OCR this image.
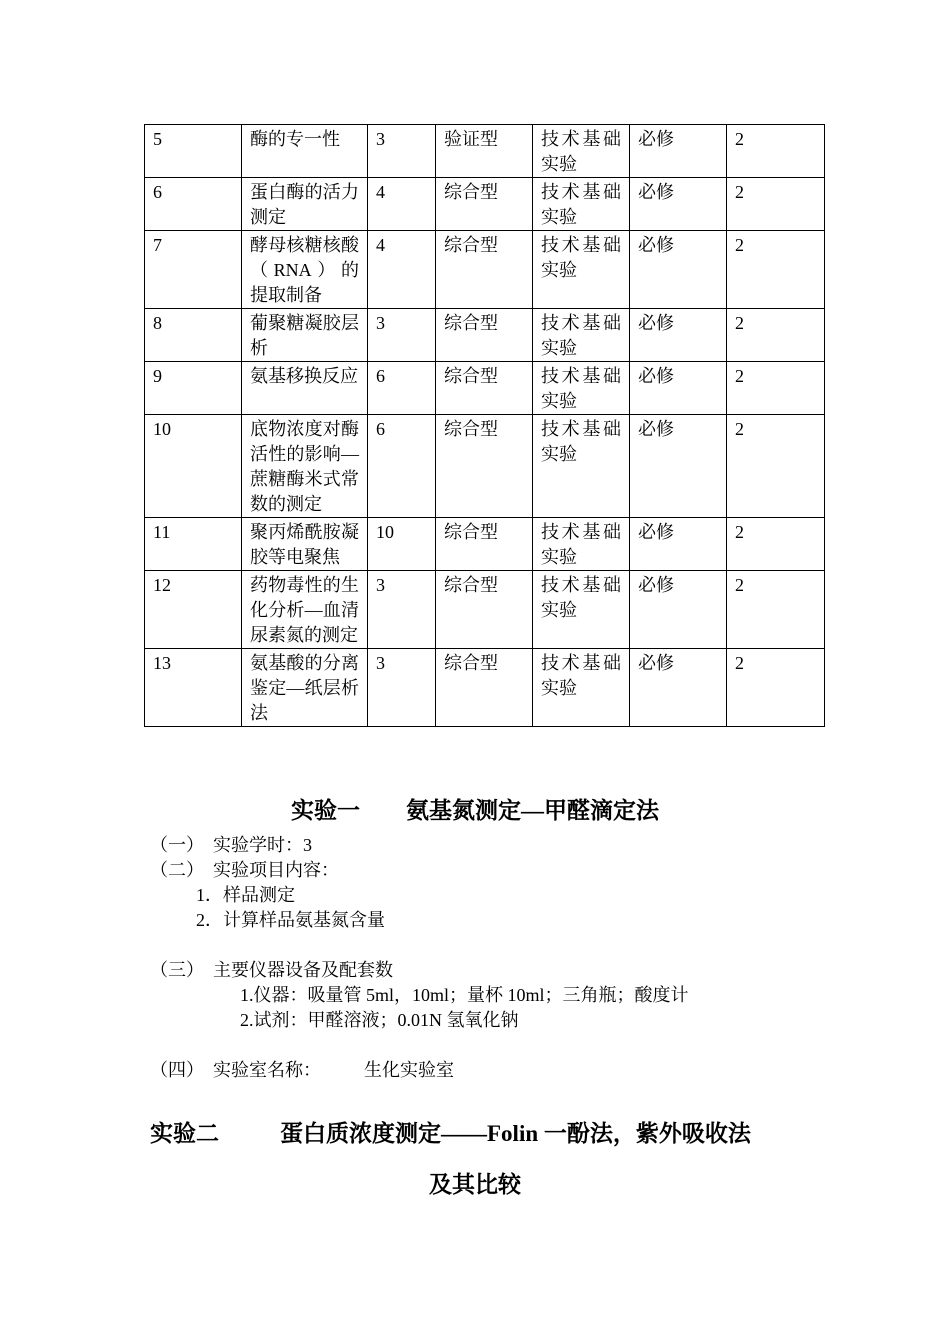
5	酶的专一性	3	验证型	技术基础实验	必修	2
6	蛋白酶的活力测定	4	综合型	技术基础实验	必修	2
7	酵母核糖核酸（RNA）的提取制备	4	综合型	技术基础实验	必修	2
8	葡聚糖凝胶层析	3	综合型	技术基础实验	必修	2
9	氨基移换反应	6	综合型	技术基础实验	必修	2
10	底物浓度对酶活性的影响—蔗糖酶米式常数的测定	6	综合型	技术基础实验	必修	2
11	聚丙烯酰胺凝胶等电聚焦	10	综合型	技术基础实验	必修	2
12	药物毒性的生化分析—血清尿素氮的测定	3	综合型	技术基础实验	必修	2
13	氨基酸的分离鉴定—纸层析法	3	综合型	技术基础实验	必修	2
实验一　　氨基氮测定—甲醛滴定法
（一）  实验学时：3
（二）  实验项目内容：
1．样品测定
2．计算样品氨基氮含量
（三）  主要仪器设备及配套数
1.仪器：吸量管 5ml，10ml；量杯 10ml；三角瓶；酸度计
2.试剂：甲醛溶液；0.01N 氢氧化钠
（四）  实验室名称： 生化实验室
实验二	蛋白质浓度测定——Folin 一酚法，紫外吸收法
及其比较
